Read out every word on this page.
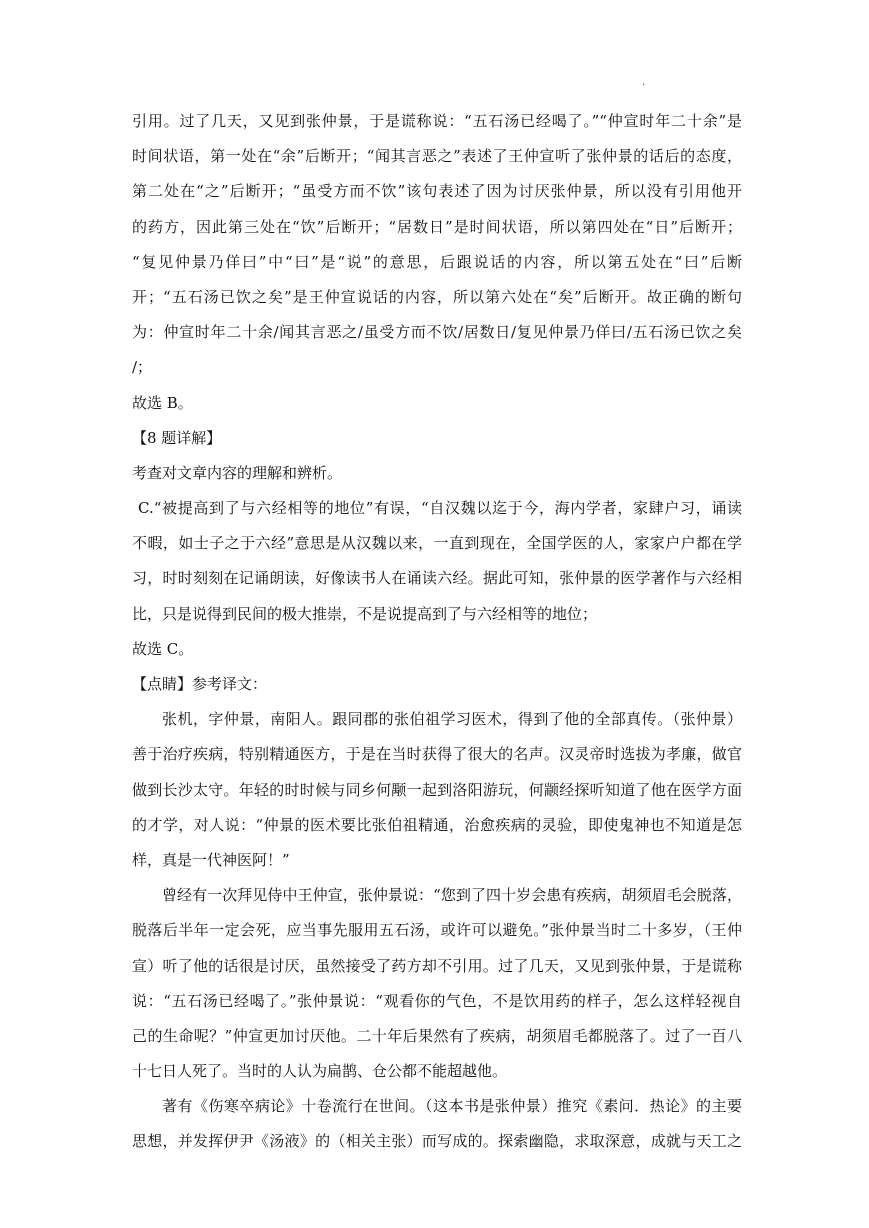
·
引用。过了几天，又见到张仲景，于是谎称说：“五石汤已经喝了。”“仲宣时年二十余”是
时间状语，第一处在“余”后断开；“闻其言恶之”表述了王仲宣听了张仲景的话后的态度，
第二处在“之”后断开；“虽受方而不饮”该句表述了因为讨厌张仲景，所以没有引用他开
的药方，因此第三处在“饮”后断开；“居数日”是时间状语，所以第四处在“日”后断开；
“复见仲景乃佯曰”中“曰”是“说”的意思，后跟说话的内容，所以第五处在“曰”后断
开；“五石汤已饮之矣”是王仲宣说话的内容，所以第六处在“矣”后断开。故正确的断句
为：仲宣时年二十余/闻其言恶之/虽受方而不饮/居数日/复见仲景乃佯曰/五石汤已饮之矣
/；
故选 B。
【8 题详解】
考查对文章内容的理解和辨析。
C.“被提高到了与六经相等的地位”有误，“自汉魏以迄于今，海内学者，家肆户习，诵读
不暇，如士子之于六经”意思是从汉魏以来，一直到现在，全国学医的人，家家户户都在学
习，时时刻刻在记诵朗读，好像读书人在诵读六经。据此可知，张仲景的医学著作与六经相
比，只是说得到民间的极大推崇，不是说提高到了与六经相等的地位；
故选 C。
【点睛】参考译文：
张机，字仲景，南阳人。跟同郡的张伯祖学习医术，得到了他的全部真传。（张仲景）
善于治疗疾病，特别精通医方，于是在当时获得了很大的名声。汉灵帝时选拔为孝廉，做官
做到长沙太守。年轻的时时候与同乡何颙一起到洛阳游玩，何颛经探听知道了他在医学方面
的才学，对人说：“仲景的医术要比张伯祖精通，治愈疾病的灵验，即使鬼神也不知道是怎
样，真是一代神医阿！”
曾经有一次拜见侍中王仲宣，张仲景说：“您到了四十岁会患有疾病，胡须眉毛会脱落，
脱落后半年一定会死，应当事先服用五石汤，或许可以避免。”张仲景当时二十多岁，（王仲
宣）听了他的话很是讨厌，虽然接受了药方却不引用。过了几天，又见到张仲景，于是谎称
说：“五石汤已经喝了。”张仲景说：“观看你的气色，不是饮用药的样子，怎么这样轻视自
己的生命呢？”仲宣更加讨厌他。二十年后果然有了疾病，胡须眉毛都脱落了。过了一百八
十七日人死了。当时的人认为扁鹊、仓公都不能超越他。
著有《伤寒卒病论》十卷流行在世间。（这本书是张仲景）推究《素问．热论》的主要
思想，并发挥伊尹《汤液》的（相关主张）而写成的。探索幽隐，求取深意，成就与天工之
